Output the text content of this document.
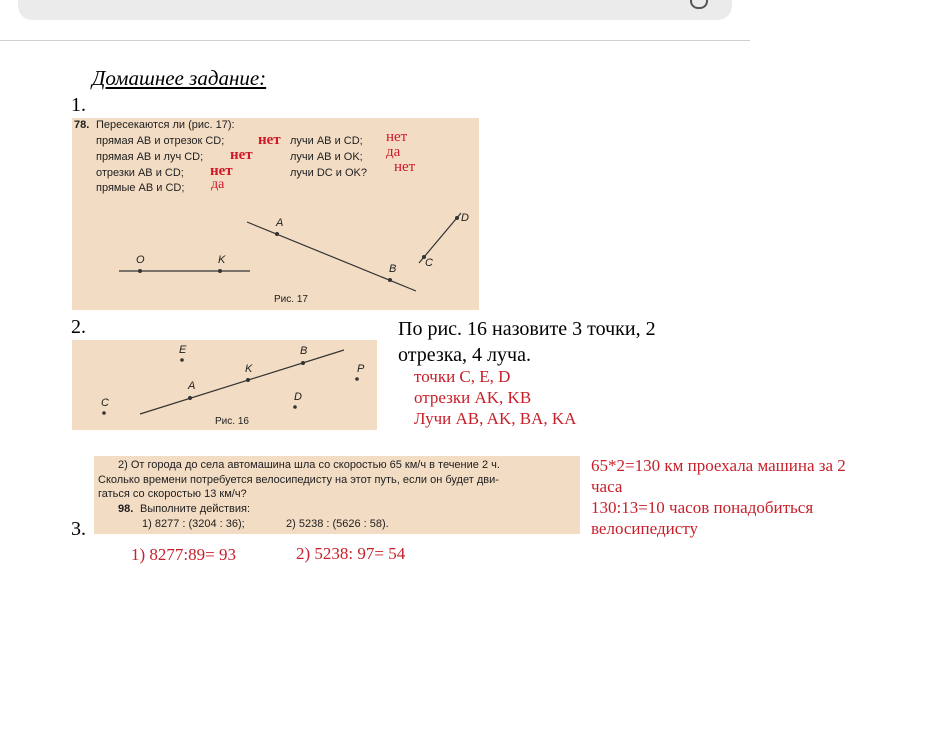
Домашнее задание:
1.
78. Пересекаются ли (рис. 17):
прямая AB и отрезок CD; нет
прямая AB и луч CD; нет
отрезки AB и CD; нет
прямые AB и CD; да
лучи AB и CD; нет
лучи AB и OK; да
лучи DC и OK? нет
O	K
A
B	C
D
Рис. 17
2.
E	B
K
A
P
C	D
Рис. 16
По рис. 16 назовите 3 точки, 2 отрезка, 4 луча.
точки C, E, D
отрезки AK, KB
Лучи AB, AK, BA, KA
2) От города до села автомашина шла со скоростью 65 км/ч в течение 2 ч.
Сколько времени потребуется велосипедисту на этот путь, если он будет дви-
гаться со скоростью 13 км/ч?
98. Выполните действия:
1) 8277 : (3204 : 36);	2) 5238 : (5626 : 58).
3.
65*2=130 км проехала машина за 2
часа
130:13=10 часов понадобиться
велосипедисту
1) 8277:89= 93	2) 5238: 97= 54
